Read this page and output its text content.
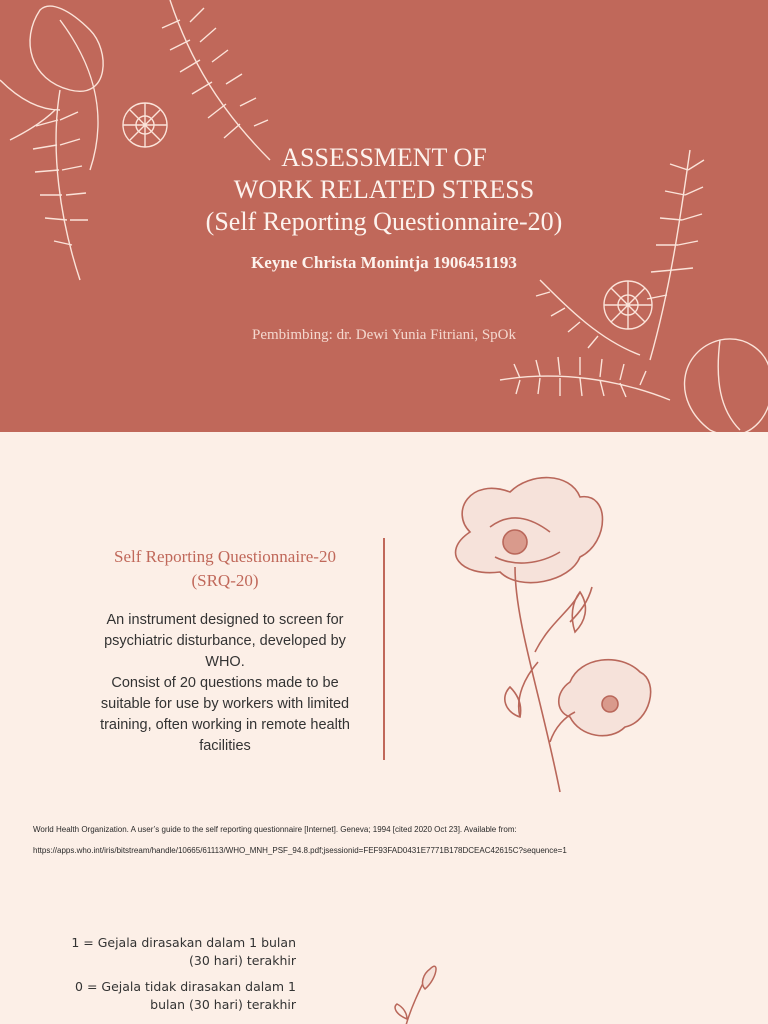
ASSESSMENT OF
WORK RELATED STRESS
(Self Reporting Questionnaire-20)
Keyne Christa Monintja 1906451193
Pembimbing: dr. Dewi Yunia Fitriani, SpOk
Self Reporting Questionnaire-20
(SRQ-20)
An instrument designed to screen for
psychiatric disturbance, developed by
WHO.
Consist of 20 questions made to be
suitable for use by workers with limited
training, often working in remote health
facilities
World Health Organization. A user’s guide to the self reporting questionnaire [Internet]. Geneva; 1994 [cited 2020 Oct 23]. Available from:
https://apps.who.int/iris/bitstream/handle/10665/61113/WHO_MNH_PSF_94.8.pdf;jsessionid=FEF93FAD0431E7771B178DCEAC42615C?sequence=1
1 = Gejala dirasakan dalam 1 bulan
(30 hari) terakhir
0 = Gejala tidak dirasakan dalam 1
bulan (30 hari) terakhir
